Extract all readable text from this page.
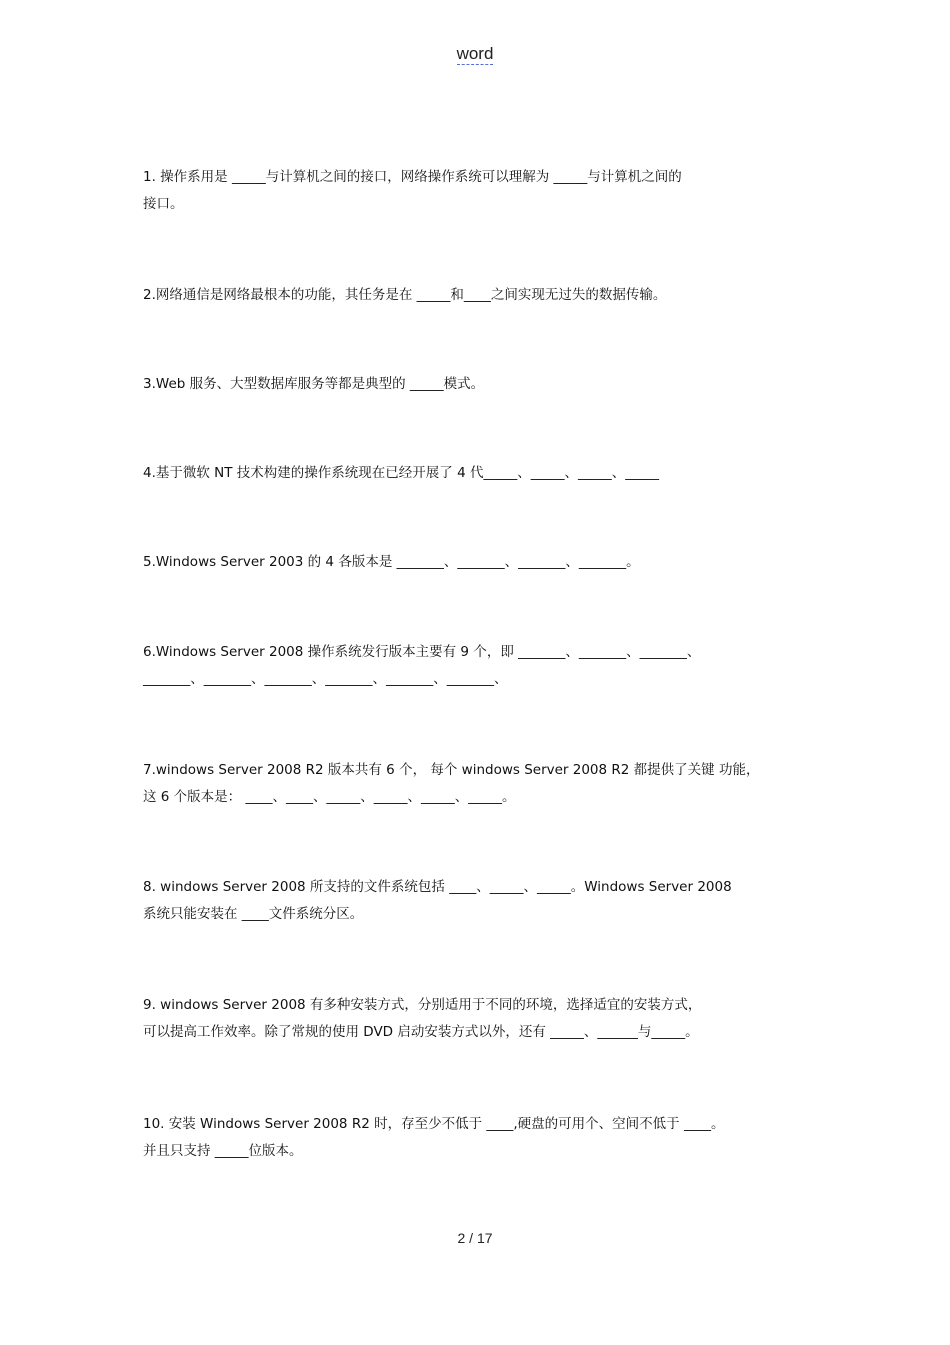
word
1. 操作系用是 _____与计算机之间的接口，网络操作系统可以理解为 _____与计算机之间的
接口。
2.网络通信是网络最根本的功能，其任务是在 _____和____之间实现无过失的数据传输。
3.Web 服务、大型数据库服务等都是典型的 _____模式。
4.基于微软 NT 技术构建的操作系统现在已经开展了 4 代_____、_____、_____、_____
5.Windows Server 2003 的 4 各版本是 _______、_______、_______、_______。
6.Windows Server 2008 操作系统发行版本主要有 9 个，即 _______、_______、_______、
_______、_______、_______、_______、_______、_______、
7.windows Server 2008 R2 版本共有 6 个， 每个 windows Server 2008 R2 都提供了关键 功能，
这 6 个版本是： ____、____、_____、_____、_____、_____。
8. windows Server 2008 所支持的文件系统包括 ____、_____、_____。Windows Server 2008
系统只能安装在 ____文件系统分区。
9. windows Server 2008 有多种安装方式，分别适用于不同的环境，选择适宜的安装方式，
可以提高工作效率。除了常规的使用 DVD 启动安装方式以外，还有 _____、______与_____。
10. 安装 Windows Server 2008 R2 时，存至少不低于 ____,硬盘的可用个、空间不低于 ____。
并且只支持 _____位版本。
2 / 17
